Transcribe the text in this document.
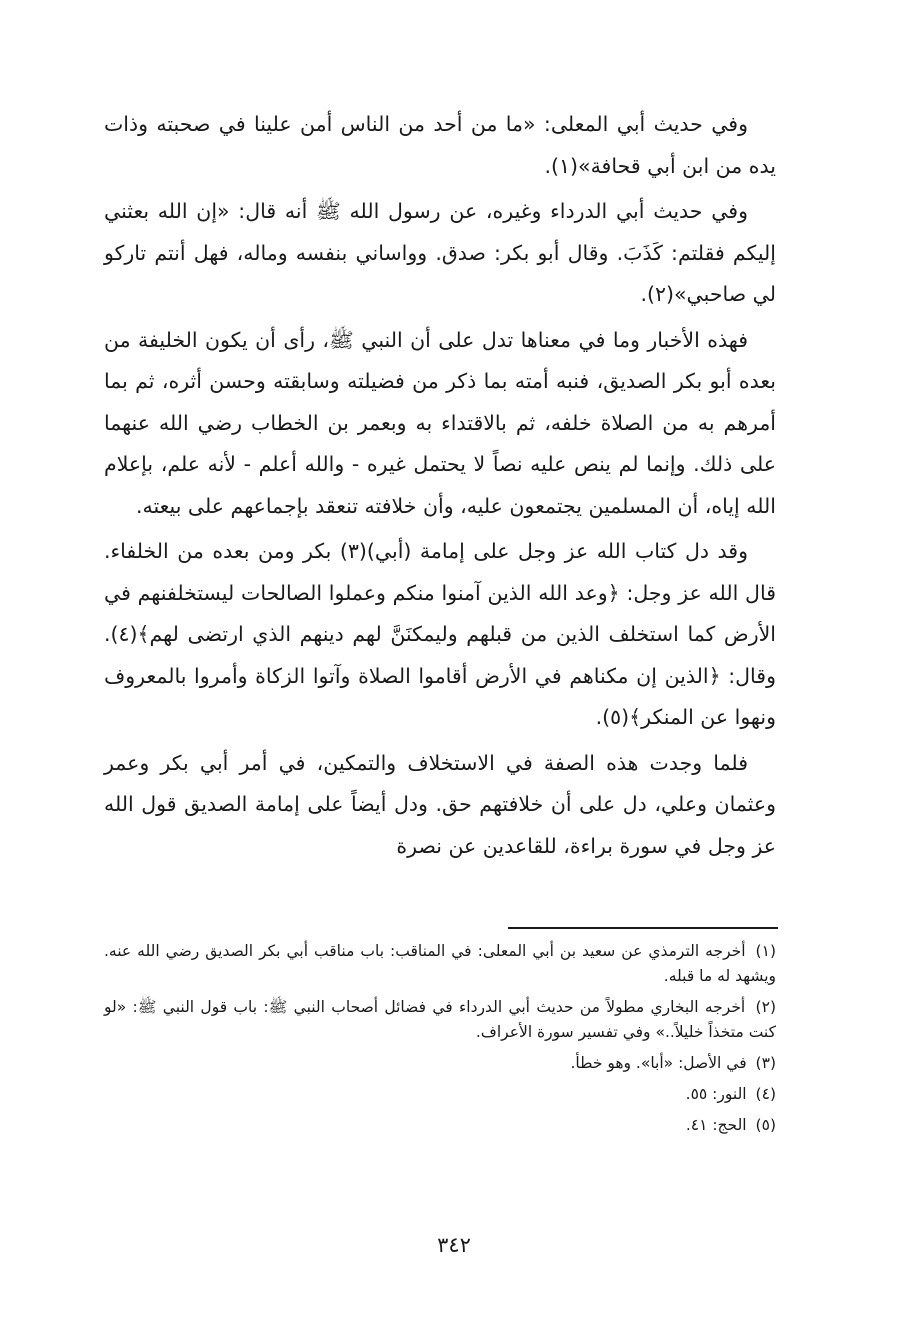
وفي حديث أبي المعلى: «ما من أحد من الناس أمن علينا في صحبته وذات يده من ابن أبي قحافة»(١).

وفي حديث أبي الدرداء وغيره، عن رسول الله ﷺ أنه قال: «إن الله بعثني إليكم فقلتم: كَذَبَ. وقال أبو بكر: صدق. وواساني بنفسه وماله، فهل أنتم تاركو لي صاحبي»(٢).

فهذه الأخبار وما في معناها تدل على أن النبي ﷺ، رأى أن يكون الخليفة من بعده أبو بكر الصديق، فنبه أمته بما ذكر من فضيلته وسابقته وحسن أثره، ثم بما أمرهم به من الصلاة خلفه، ثم بالاقتداء به وبعمر بن الخطاب رضي الله عنهما على ذلك. وإنما لم ينص عليه نصاً لا يحتمل غيره - والله أعلم - لأنه علم، بإعلام الله إياه، أن المسلمين يجتمعون عليه، وأن خلافته تنعقد بإجماعهم على بيعته.

وقد دل كتاب الله عز وجل على إمامة (أبي)(٣) بكر ومن بعده من الخلفاء. قال الله عز وجل: ﴿وعد الله الذين آمنوا منكم وعملوا الصالحات ليستخلفنهم في الأرض كما استخلف الذين من قبلهم وليمكنَنَّ لهم دينهم الذي ارتضى لهم﴾(٤). وقال: ﴿الذين إن مكناهم في الأرض أقاموا الصلاة وآتوا الزكاة وأمروا بالمعروف ونهوا عن المنكر﴾(٥).

فلما وجدت هذه الصفة في الاستخلاف والتمكين، في أمر أبي بكر وعمر وعثمان وعلي، دل على أن خلافتهم حق. ودل أيضاً على إمامة الصديق قول الله عز وجل في سورة براءة، للقاعدين عن نصرة

(١) أخرجه الترمذي عن سعيد بن أبي المعلى: في المناقب: باب مناقب أبي بكر الصديق رضي الله عنه. ويشهد له ما قبله.

(٢) أخرجه البخاري مطولاً من حديث أبي الدرداء في فضائل أصحاب النبي ﷺ: باب قول النبي ﷺ: «لو كنت متخذاً خليلاً..» وفي تفسير سورة الأعراف.

(٣) في الأصل: «أبا». وهو خطأ.

(٤) النور: ٥٥.

(٥) الحج: ٤١.

٣٤٢
